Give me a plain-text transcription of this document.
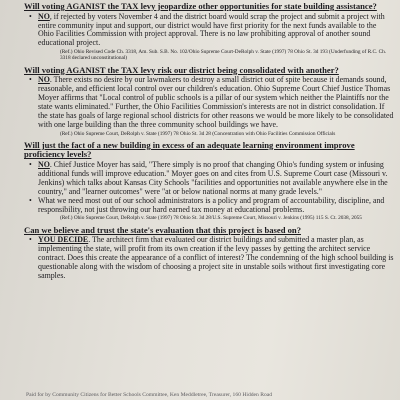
Will voting AGANIST the TAX levy jeopardize other opportunities for state building assistance?
• NO, if rejected by voters November 4 and the district board would scrap the project and submit a project with entire community input and support, our district would have first priority for the next funds available to the Ohio Facilities Commission with project approval. There is no law prohibiting approval of another sound educational project.
(Ref.) Ohio Revised Code Ch. 3318, Am. Sub. S.B. No. 102/Ohio Supreme Court-DeRolph v. State (1997) 78 Ohio St. 3d 193 (Underfunding of R.C. Ch. 3318 declared unconstitutional)
Will voting AGANIST the TAX levy risk our district being consolidated with another?
• NO. There exists no desire by our lawmakers to destroy a small district out of spite because it demands sound, reasonable, and efficient local control over our children's education. Ohio Supreme Court Chief Justice Thomas Moyer affirms that "Local control of public schools is a pillar of our system which neither the Plaintiffs nor the state wants eliminated." Further, the Ohio Facilities Commission's interests are not in district consolidation. If the state has goals of large regional school districts for other reasons we would be more likely to be consolidated with one large building than the three community school buildings we have.
(Ref.) Ohio Supreme Court, DeRolph v. State (1997) 78 Ohio St. 3d 28 (Concentration with Ohio Facilities Commission Officials
Will just the fact of a new building in excess of an adequate learning environment improve proficiency levels?
• NO. Chief Justice Moyer has said, "There simply is no proof that changing Ohio's funding system or infusing additional funds will improve education." Moyer goes on and cites from U.S. Supreme Court case (Missouri v. Jenkins) which talks about Kansas City Schools "facilities and opportunities not available anywhere else in the country," and "learner outcomes" were "at or below national norms at many grade levels."
• What we need most out of our school administrators is a policy and program of accountability, discipline, and responsibility, not just throwing our hard earned tax money at educational problems.
(Ref.) Ohio Supreme Court, DeRolph v. State (1997) 78 Ohio St. 3d 28/U.S. Supreme Court, Missouri v. Jenkins (1995) 115 S. Ct. 2038, 2055
Can we believe and trust the state's evaluation that this project is based on?
• YOU DECIDE. The architect firm that evaluated our district buildings and submitted a master plan, as implementing the state, will profit from its own creation if the levy passes by getting the architect service contract. Does this create the appearance of a conflict of interest? The condemning of the high school building is questionable along with the wisdom of choosing a project site in unstable soils without first investigating core samples.
Paid for by Community Citizens for Better Schools Committee, Ken Meddletree, Treasurer, 160 Hidden Road
